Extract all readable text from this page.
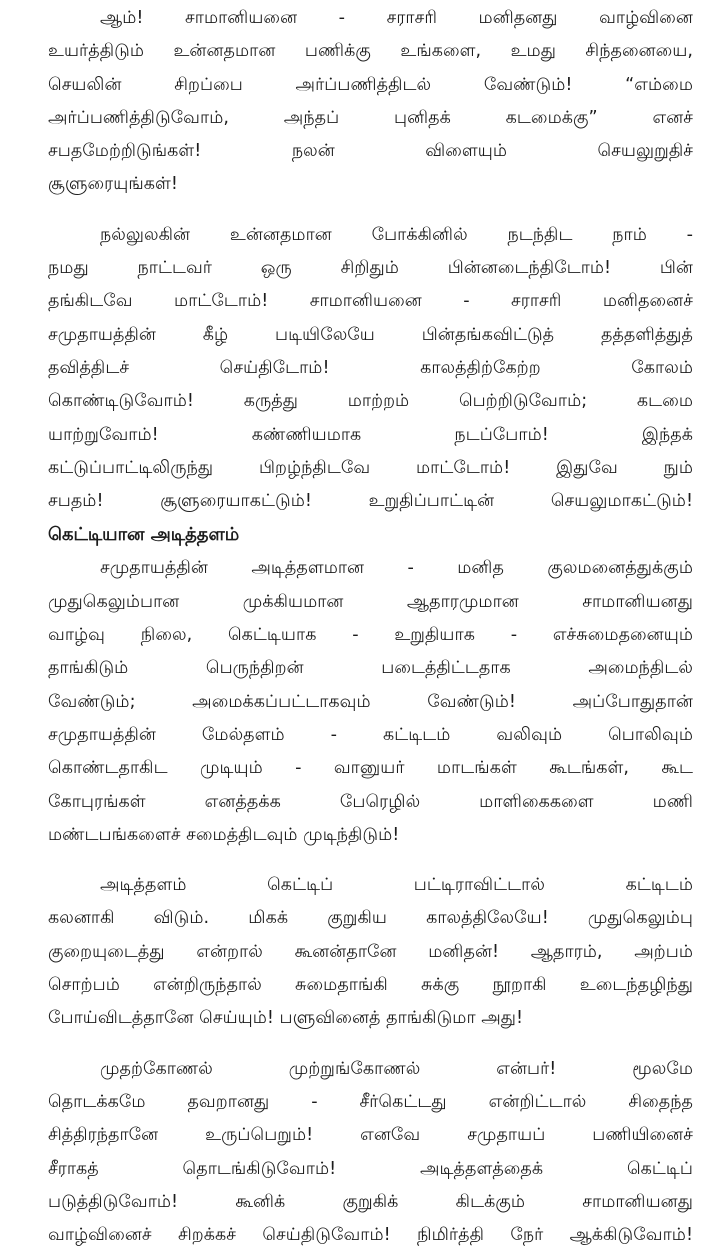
ஆம்! சாமானியனை - சராசரி மனிதனது வாழ்வினை
உயர்த்திடும் உன்னதமான பணிக்கு உங்களை, உமது சிந்தனையை,
செயலின் சிறப்பை அர்ப்பணித்திடல் வேண்டும்! “எம்மை
அர்ப்பணித்திடுவோம், அந்தப் புனிதக் கடமைக்கு” எனச்
சபதமேற்றிடுங்கள்! நலன் விளையும் செயலுறுதிச்
சூளுரையுங்கள்!
நல்லுலகின் உன்னதமான போக்கினில் நடந்திட நாம் -
நமது நாட்டவர் ஒரு சிறிதும் பின்னடைந்திடோம்! பின்
தங்கிடவே மாட்டோம்! சாமானியனை - சராசரி மனிதனைச்
சமுதாயத்தின் கீழ் படியிலேயே பின்தங்கவிட்டுத் தத்தளித்துத்
தவித்திடச் செய்திடோம்! காலத்திற்கேற்ற கோலம்
கொண்டிடுவோம்! கருத்து மாற்றம் பெற்றிடுவோம்; கடமை
யாற்றுவோம்! கண்ணியமாக நடப்போம்! இந்தக்
கட்டுப்பாட்டிலிருந்து பிறழ்ந்திடவே மாட்டோம்! இதுவே நும்
சபதம்! சூளுரையாகட்டும்! உறுதிப்பாட்டின் செயலுமாகட்டும்!
கெட்டியான அடித்தளம்
சமுதாயத்தின் அடித்தளமான - மனித குலமனைத்துக்கும்
முதுகெலும்பான முக்கியமான ஆதாரமுமான சாமானியனது
வாழ்வு நிலை, கெட்டியாக - உறுதியாக - எச்சுமைதனையும்
தாங்கிடும் பெருந்திறன் படைத்திட்டதாக அமைந்திடல்
வேண்டும்; அமைக்கப்பட்டாகவும் வேண்டும்! அப்போதுதான்
சமுதாயத்தின் மேல்தளம் - கட்டிடம் வலிவும் பொலிவும்
கொண்டதாகிட முடியும் - வானுயர் மாடங்கள் கூடங்கள், கூட
கோபுரங்கள் எனத்தக்க பேரெழில் மாளிகைகளை மணி
மண்டபங்களைச் சமைத்திடவும் முடிந்திடும்!
அடித்தளம் கெட்டிப் பட்டிராவிட்டால் கட்டிடம்
கலனாகி விடும். மிகக் குறுகிய காலத்திலேயே! முதுகெலும்பு
குறையுடைத்து என்றால் கூனன்தானே மனிதன்! ஆதாரம், அற்பம்
சொற்பம் என்றிருந்தால் சுமைதாங்கி சுக்கு நூறாகி உடைந்தழிந்து
போய்விடத்தானே செய்யும்! பளுவினைத் தாங்கிடுமா அது!
முதற்கோணல் முற்றுங்கோணல் என்பர்! மூலமே
தொடக்கமே தவறானது - சீர்கெட்டது என்றிட்டால் சிதைந்த
சித்திரந்தானே உருப்பெறும்! எனவே சமுதாயப் பணியினைச்
சீராகத் தொடங்கிடுவோம்! அடித்தளத்தைக் கெட்டிப்
படுத்திடுவோம்! கூனிக் குறுகிக் கிடக்கும் சாமானியனது
வாழ்வினைச் சிறக்கச் செய்திடுவோம்! நிமிர்த்தி நேர் ஆக்கிடுவோம்!
